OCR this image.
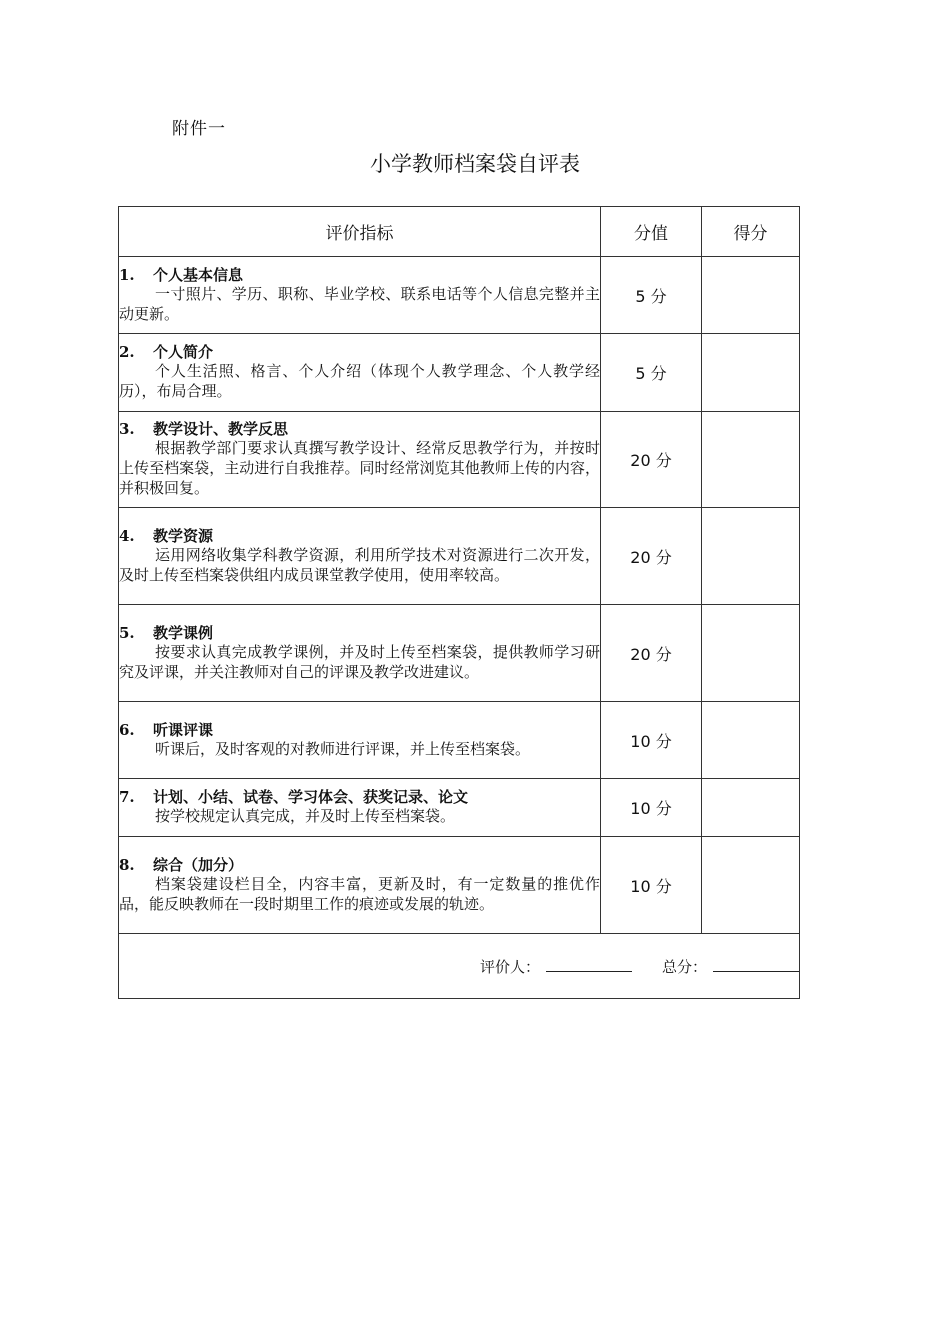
附件一
小学教师档案袋自评表
评价指标	分值	得分

1. 个人基本信息
一寸照片、学历、职称、毕业学校、联系电话等个人信息完整并主动更新。	5 分	

2. 个人简介
个人生活照、格言、个人介绍（体现个人教学理念、个人教学经历），布局合理。	5 分	

3. 教学设计、教学反思
根据教学部门要求认真撰写教学设计、经常反思教学行为，并按时上传至档案袋，主动进行自我推荐。同时经常浏览其他教师上传的内容，并积极回复。	20 分	

4. 教学资源
运用网络收集学科教学资源，利用所学技术对资源进行二次开发，及时上传至档案袋供组内成员课堂教学使用，使用率较高。	20 分	

5. 教学课例
按要求认真完成教学课例，并及时上传至档案袋，提供教师学习研究及评课，并关注教师对自己的评课及教学改进建议。	20 分	

6. 听课评课
听课后，及时客观的对教师进行评课，并上传至档案袋。	10 分	

7. 计划、小结、试卷、学习体会、获奖记录、论文
按学校规定认真完成，并及时上传至档案袋。	10 分	

8. 综合（加分）
档案袋建设栏目全，内容丰富，更新及时，有一定数量的推优作品，能反映教师在一段时期里工作的痕迹或发展的轨迹。	10 分	
评价人： 总分：		
